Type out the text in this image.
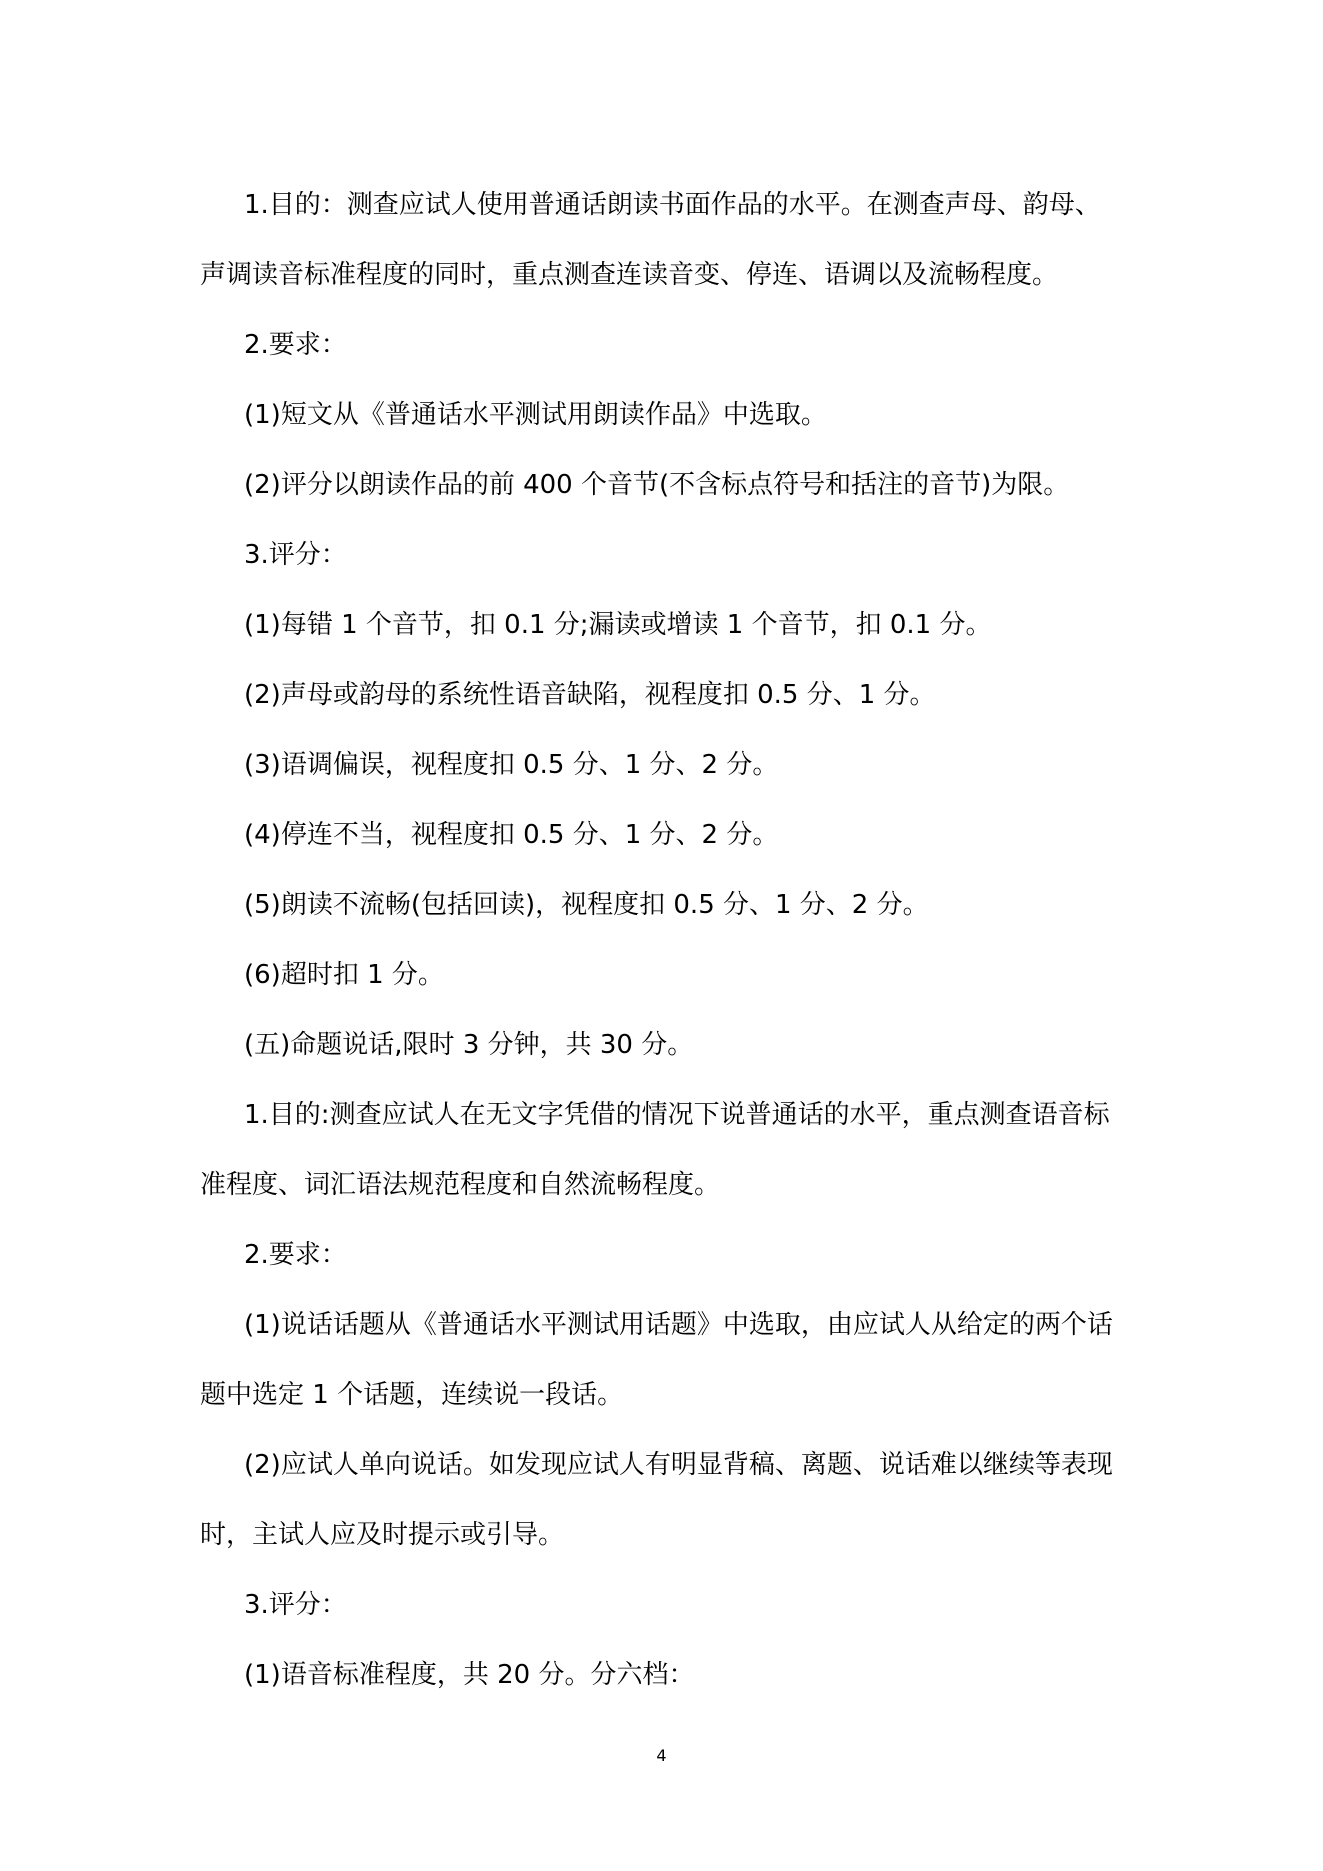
1.目的：测查应试人使用普通话朗读书面作品的水平。在测查声母、韵母、
声调读音标准程度的同时，重点测查连读音变、停连、语调以及流畅程度。
2.要求：
(1)短文从《普通话水平测试用朗读作品》中选取。
(2)评分以朗读作品的前 400 个音节(不含标点符号和括注的音节)为限。
3.评分：
(1)每错 1 个音节，扣 0.1 分;漏读或增读 1 个音节，扣 0.1 分。
(2)声母或韵母的系统性语音缺陷，视程度扣 0.5 分、1 分。
(3)语调偏误，视程度扣 0.5 分、1 分、2 分。
(4)停连不当，视程度扣 0.5 分、1 分、2 分。
(5)朗读不流畅(包括回读)，视程度扣 0.5 分、1 分、2 分。
(6)超时扣 1 分。
(五)命题说话,限时 3 分钟，共 30 分。
1.目的:测查应试人在无文字凭借的情况下说普通话的水平，重点测查语音标
准程度、词汇语法规范程度和自然流畅程度。
2.要求：
(1)说话话题从《普通话水平测试用话题》中选取，由应试人从给定的两个话
题中选定 1 个话题，连续说一段话。
(2)应试人单向说话。如发现应试人有明显背稿、离题、说话难以继续等表现
时，主试人应及时提示或引导。
3.评分：
(1)语音标准程度，共 20 分。分六档：
4
